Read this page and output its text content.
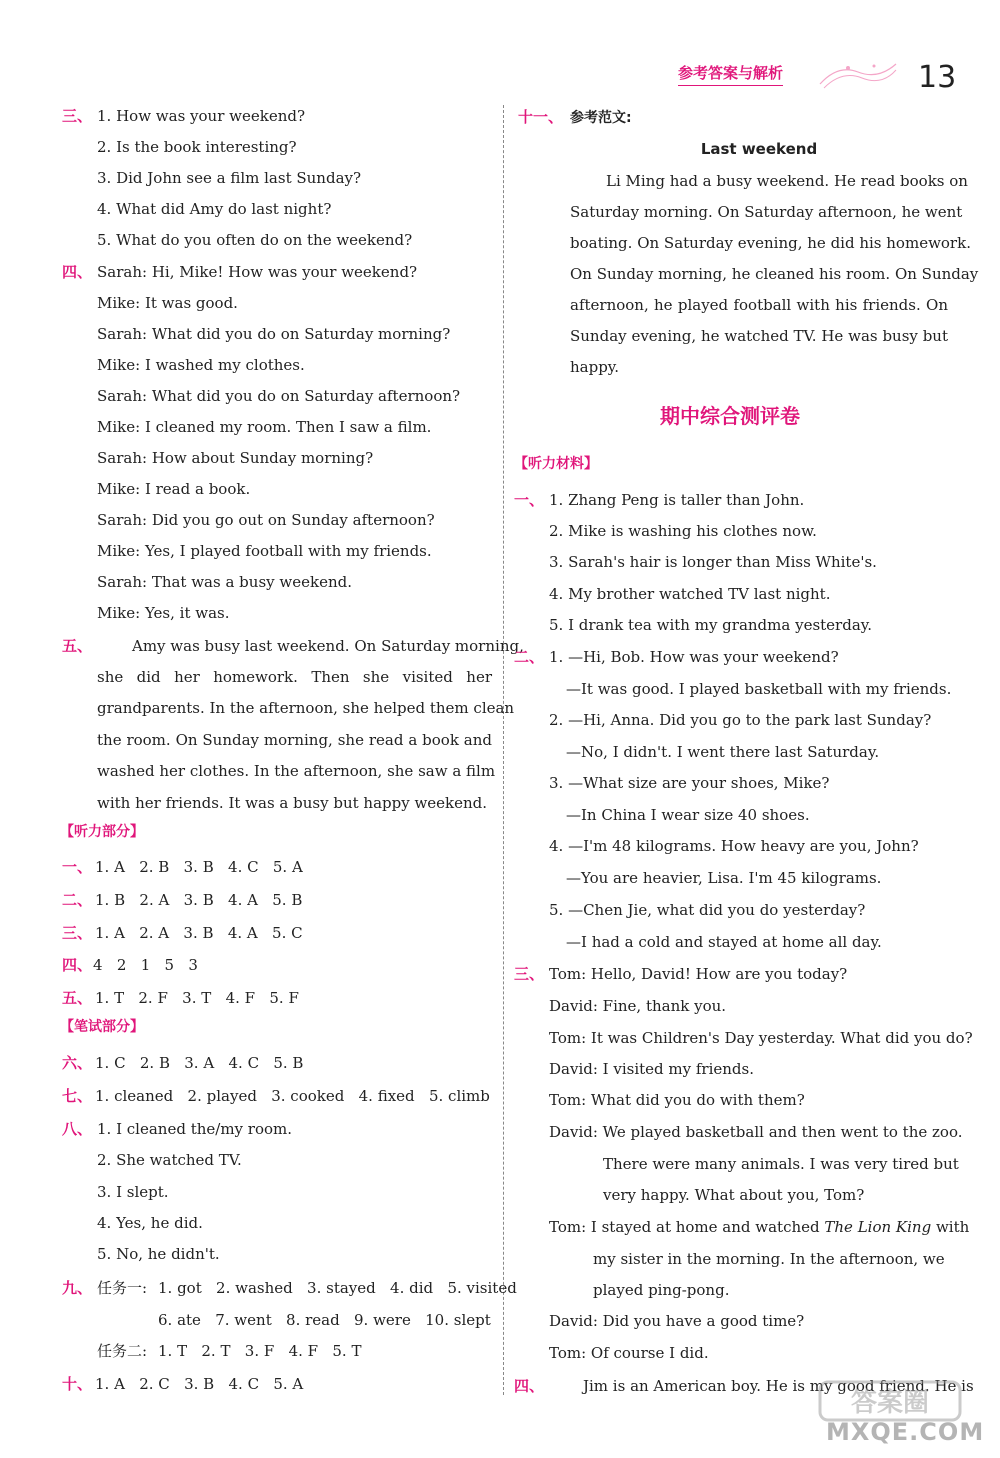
参考答案与解析	13
三、 1. How was your weekend?
2. Is the book interesting?
3. Did John see a film last Sunday?
4. What did Amy do last night?
5. What do you often do on the weekend?
四、 Sarah: Hi, Mike! How was your weekend?
Mike: It was good.
Sarah: What did you do on Saturday morning?
Mike: I washed my clothes.
Sarah: What did you do on Saturday afternoon?
Mike: I cleaned my room. Then I saw a film.
Sarah: How about Sunday morning?
Mike: I read a book.
Sarah: Did you go out on Sunday afternoon?
Mike: Yes, I played football with my friends.
Sarah: That was a busy weekend.
Mike: Yes, it was.
五、	Amy was busy last weekend. On Saturday morning,
she did her homework. Then she visited her
grandparents. In the afternoon, she helped them clean
the room. On Sunday morning, she read a book and
washed her clothes. In the afternoon, she saw a film
with her friends. It was a busy but happy weekend.
【听力部分】
一、 1. A   2. B   3. B   4. C   5. A
二、 1. B   2. A   3. B   4. A   5. B
三、 1. A   2. A   3. B   4. A   5. C
四、 4   2   1   5   3
五、 1. T   2. F   3. T   4. F   5. F
【笔试部分】
六、 1. C   2. B   3. A   4. C   5. B
七、 1. cleaned   2. played   3. cooked   4. fixed   5. climb
八、 1. I cleaned the/my room.
2. She watched TV.
3. I slept.
4. Yes, he did.
5. No, he didn't.
九、 任务一: 1. got   2. washed   3. stayed   4. did   5. visited
6. ate   7. went   8. read   9. were   10. slept
任务二: 1. T   2. T   3. F   4. F   5. T
十、 1. A   2. C   3. B   4. C   5. A
十一、 参考范文:
Last weekend
Li Ming had a busy weekend. He read books on
Saturday morning. On Saturday afternoon, he went
boating. On Saturday evening, he did his homework.
On Sunday morning, he cleaned his room. On Sunday
afternoon, he played football with his friends. On
Sunday evening, he watched TV. He was busy but
happy.
期中综合测评卷
【听力材料】
一、 1. Zhang Peng is taller than John.
2. Mike is washing his clothes now.
3. Sarah's hair is longer than Miss White's.
4. My brother watched TV last night.
5. I drank tea with my grandma yesterday.
二、 1. —Hi, Bob. How was your weekend?
—It was good. I played basketball with my friends.
2. —Hi, Anna. Did you go to the park last Sunday?
—No, I didn't. I went there last Saturday.
3. —What size are your shoes, Mike?
—In China I wear size 40 shoes.
4. —I'm 48 kilograms. How heavy are you, John?
—You are heavier, Lisa. I'm 45 kilograms.
5. —Chen Jie, what did you do yesterday?
—I had a cold and stayed at home all day.
三、 Tom: Hello, David! How are you today?
David: Fine, thank you.
Tom: It was Children's Day yesterday. What did you do?
David: I visited my friends.
Tom: What did you do with them?
David: We played basketball and then went to the zoo.
There were many animals. I was very tired but
very happy. What about you, Tom?
Tom: I stayed at home and watched The Lion King with
my sister in the morning. In the afternoon, we
played ping-pong.
David: Did you have a good time?
Tom: Of course I did.
四、	Jim is an American boy. He is my good friend. He is
答案圈
MXQE.COM
